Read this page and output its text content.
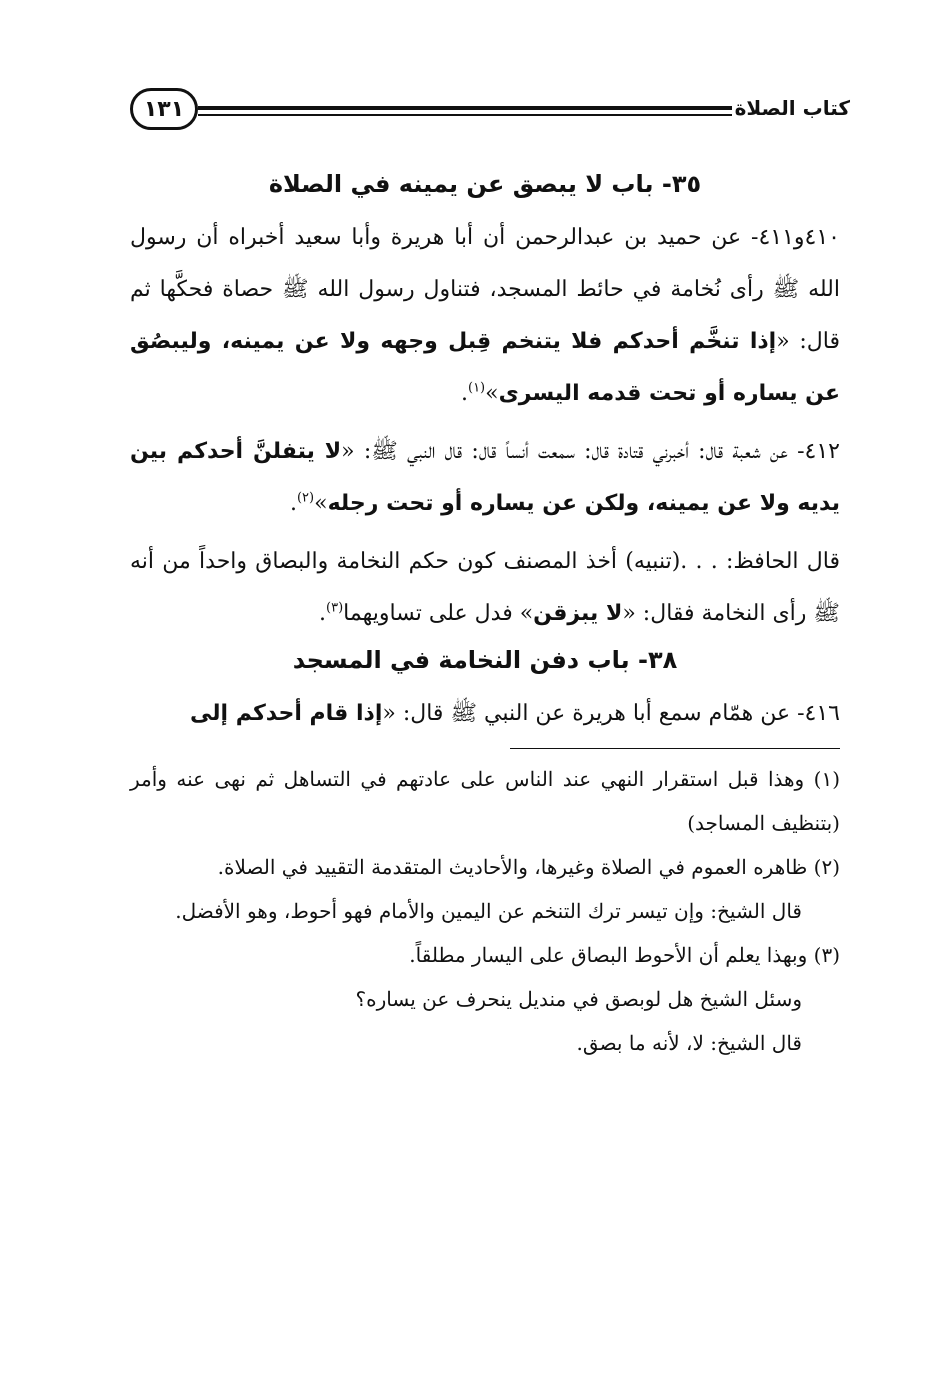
كتاب الصلاة
١٣١
٣٥- باب لا يبصق عن يمينه في الصلاة

٤١٠و٤١١- عن حميد بن عبدالرحمن أن أبا هريرة وأبا سعيد أخبراه أن رسول الله ﷺ رأى نُخامة في حائط المسجد، فتناول رسول الله ﷺ حصاة فحكَّها ثم قال: «إذا تنخَّم أحدكم فلا يتنخم قِبل وجهه ولا عن يمينه، وليبصُق عن يساره أو تحت قدمه اليسرى»$^{(١)}$.

٤١٢- عن شعبة قال: أخبرني قتادة قال: سمعت أنساً قال: قال النبي ﷺ: «لا يتفلنَّ أحدكم بين يديه ولا عن يمينه، ولكن عن يساره أو تحت رجله»$^{(٢)}$.

قال الحافظ: . . .(تنبيه) أخذ المصنف كون حكم النخامة والبصاق واحداً من أنه ﷺ رأى النخامة فقال: «لا يبزقن» فدل على تساويهما$^{(٣)}$.

٣٨- باب دفن النخامة في المسجد

٤١٦- عن همّام سمع أبا هريرة عن النبي ﷺ قال: «إذا قام أحدكم إلى

(١) وهذا قبل استقرار النهي عند الناس على عادتهم في التساهل ثم نهى عنه وأمر (بتنظيف المساجد)

(٢) ظاهره العموم في الصلاة وغيرها، والأحاديث المتقدمة التقييد في الصلاة.

قال الشيخ: وإن تيسر ترك التنخم عن اليمين والأمام فهو أحوط، وهو الأفضل.

(٣) وبهذا يعلم أن الأحوط البصاق على اليسار مطلقاً.

وسئل الشيخ هل لوبصق في منديل ينحرف عن يساره؟

قال الشيخ: لا، لأنه ما بصق.
